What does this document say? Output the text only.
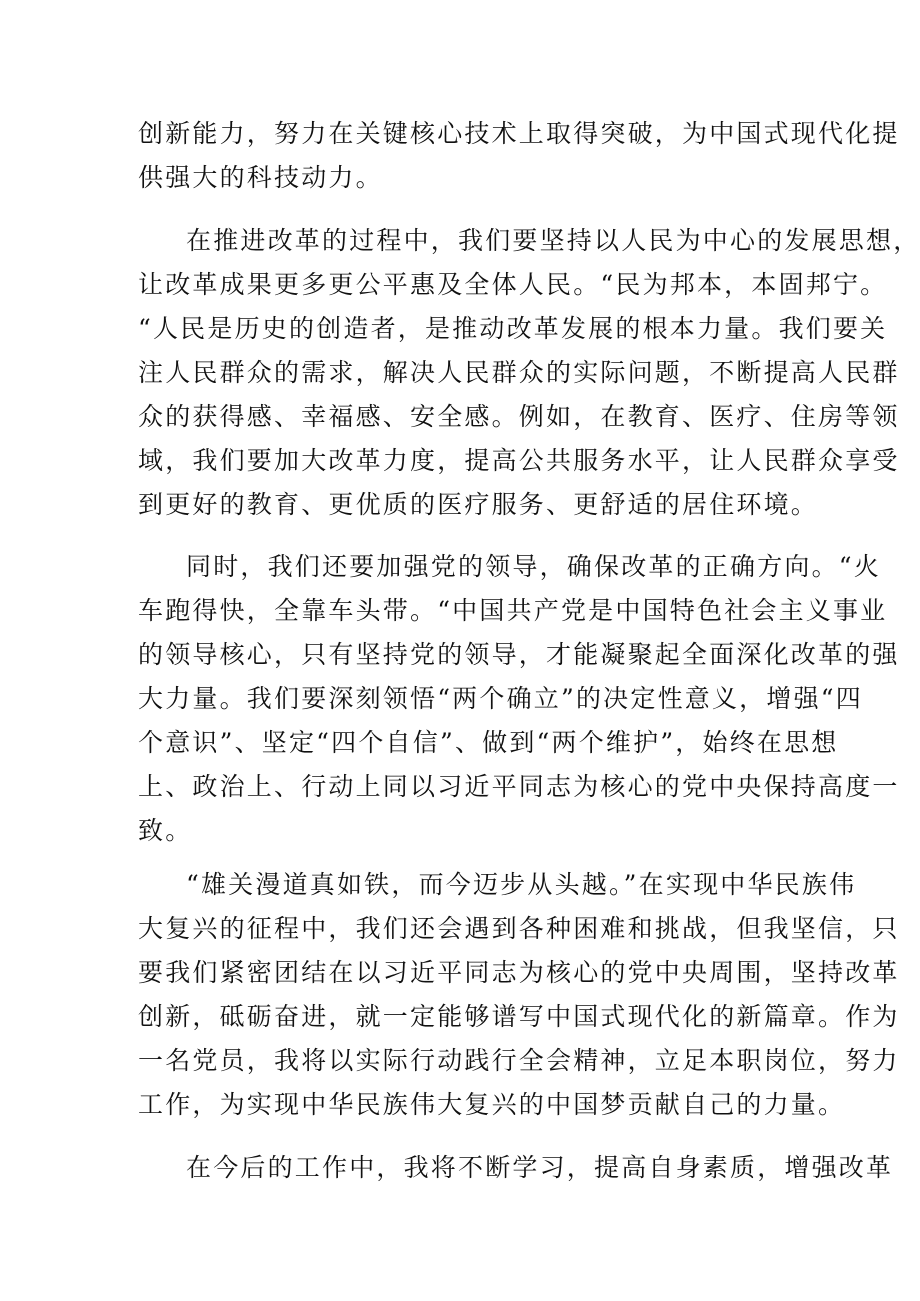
创新能力，努力在关键核心技术上取得突破，为中国式现代化提
供强大的科技动力。
在推进改革的过程中，我们要坚持以人民为中心的发展思想，
让改革成果更多更公平惠及全体人民。“民为邦本，本固邦宁。
“人民是历史的创造者，是推动改革发展的根本力量。我们要关
注人民群众的需求，解决人民群众的实际问题，不断提高人民群
众的获得感、幸福感、安全感。例如，在教育、医疗、住房等领
域，我们要加大改革力度，提高公共服务水平，让人民群众享受
到更好的教育、更优质的医疗服务、更舒适的居住环境。
同时，我们还要加强党的领导，确保改革的正确方向。“火
车跑得快，全靠车头带。“中国共产党是中国特色社会主义事业
的领导核心，只有坚持党的领导，才能凝聚起全面深化改革的强
大力量。我们要深刻领悟“两个确立”的决定性意义，增强“四
个意识”、坚定“四个自信”、做到“两个维护”，始终在思想
上、政治上、行动上同以习近平同志为核心的党中央保持高度一
致。
“雄关漫道真如铁，而今迈步从头越。”在实现中华民族伟
大复兴的征程中，我们还会遇到各种困难和挑战，但我坚信，只
要我们紧密团结在以习近平同志为核心的党中央周围，坚持改革
创新，砥砺奋进，就一定能够谱写中国式现代化的新篇章。作为
一名党员，我将以实际行动践行全会精神，立足本职岗位，努力
工作，为实现中华民族伟大复兴的中国梦贡献自己的力量。
在今后的工作中，我将不断学习，提高自身素质，增强改革
